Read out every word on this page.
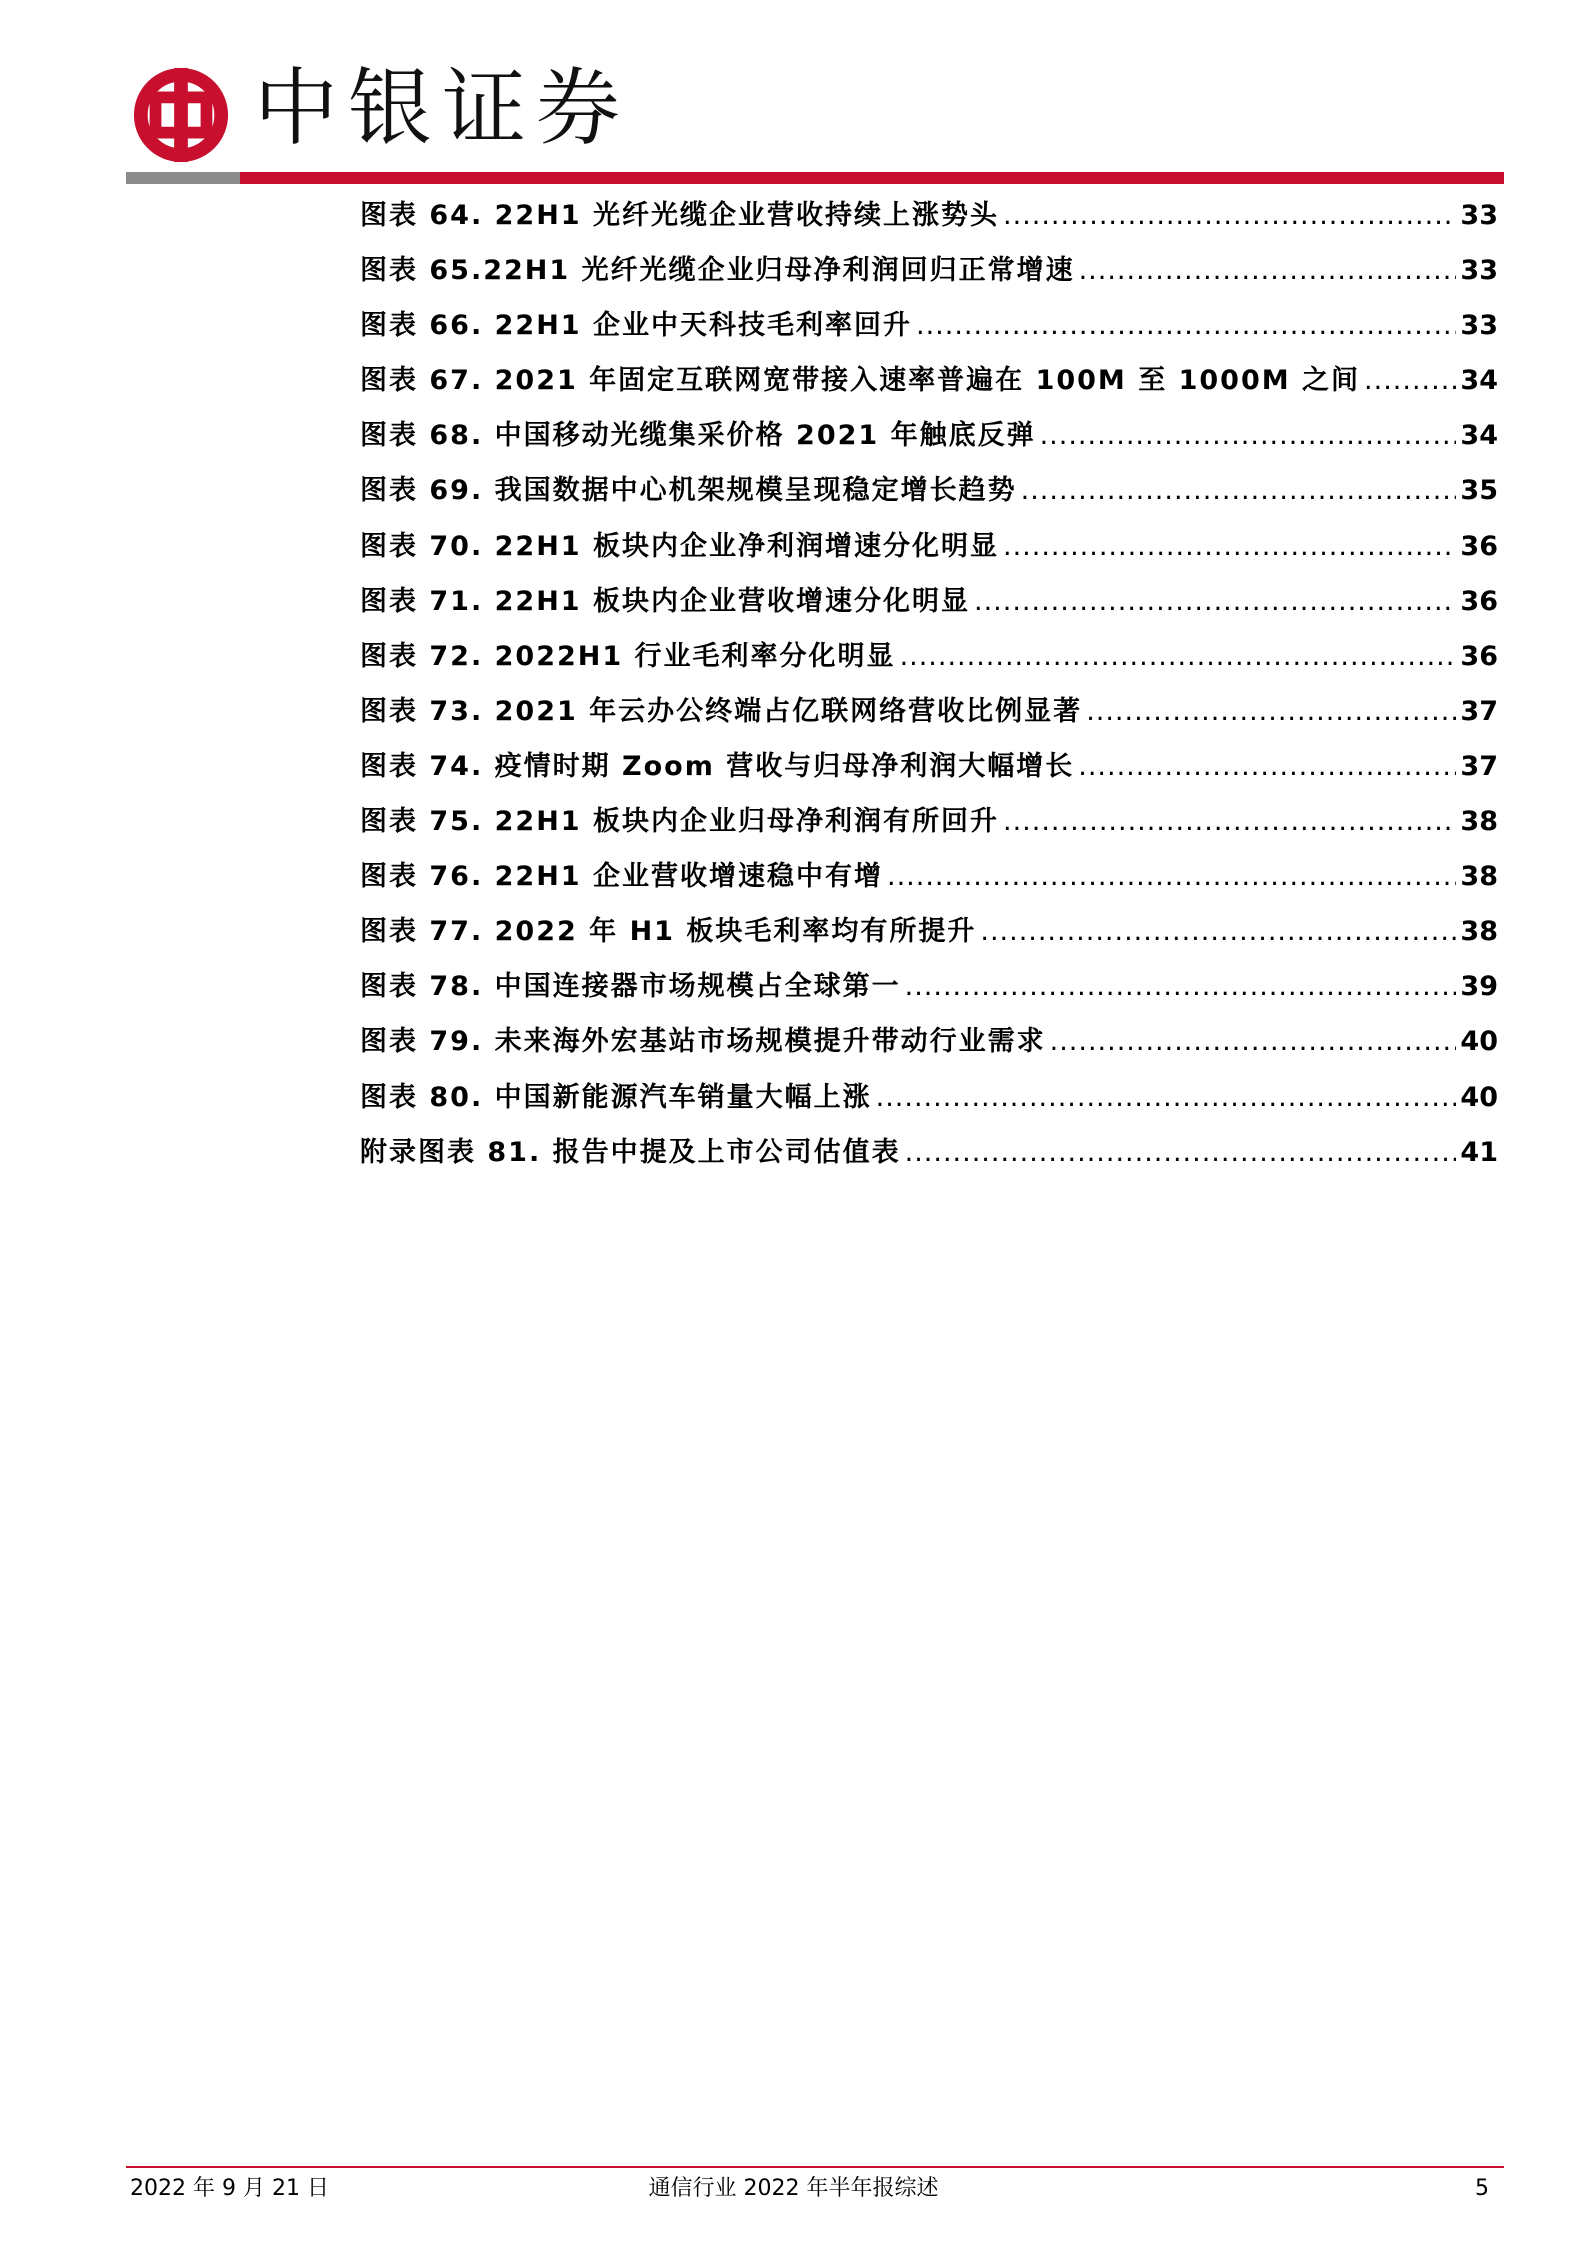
中银证券
图表 64. 22H1 光纤光缆企业营收持续上涨势头 .....	33
图表 65.22H1 光纤光缆企业归母净利润回归正常增速 .....	33
图表 66. 22H1 企业中天科技毛利率回升 .....	33
图表 67. 2021 年固定互联网宽带接入速率普遍在 100M 至 1000M 之间 .....	34
图表 68. 中国移动光缆集采价格 2021 年触底反弹 .....	34
图表 69. 我国数据中心机架规模呈现稳定增长趋势 .....	35
图表 70. 22H1 板块内企业净利润增速分化明显 .....	36
图表 71. 22H1 板块内企业营收增速分化明显 .....	36
图表 72. 2022H1 行业毛利率分化明显 .....	36
图表 73. 2021 年云办公终端占亿联网络营收比例显著 .....	37
图表 74. 疫情时期 Zoom 营收与归母净利润大幅增长 .....	37
图表 75. 22H1 板块内企业归母净利润有所回升 .....	38
图表 76. 22H1 企业营收增速稳中有增 .....	38
图表 77. 2022 年 H1 板块毛利率均有所提升 .....	38
图表 78. 中国连接器市场规模占全球第一 .....	39
图表 79. 未来海外宏基站市场规模提升带动行业需求 .....	40
图表 80. 中国新能源汽车销量大幅上涨 .....	40
附录图表 81. 报告中提及上市公司估值表 .....	41
2022 年 9 月 21 日	通信行业 2022 年半年报综述	5
